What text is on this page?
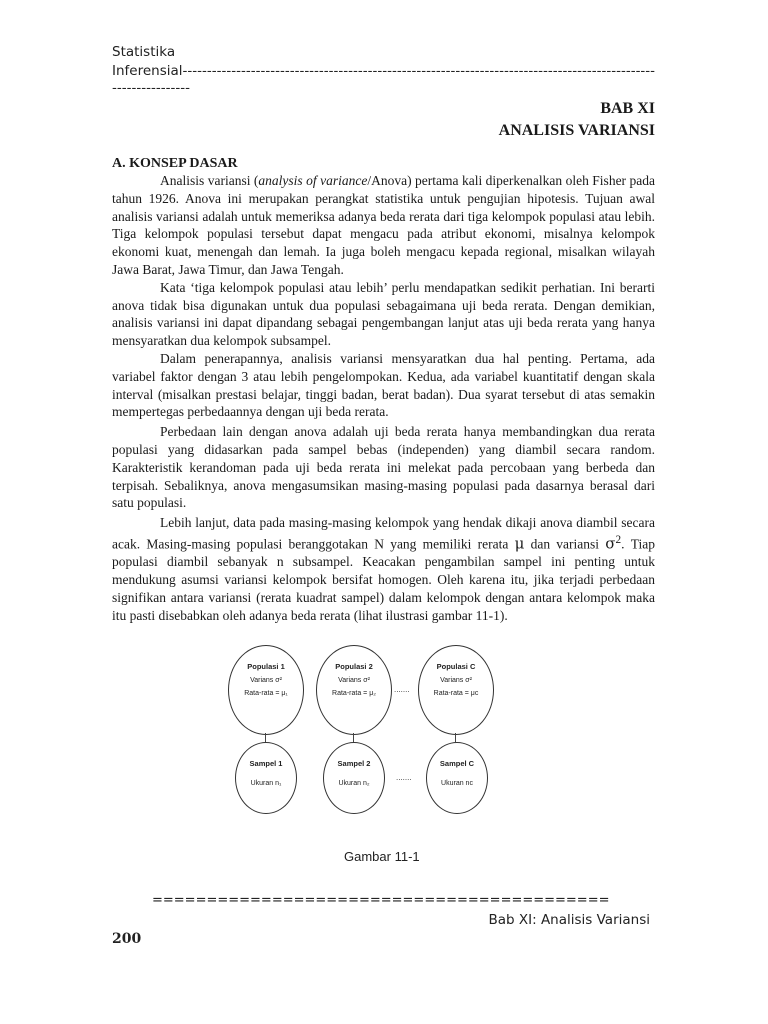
Statistika
Inferensial-------------------------------------------------------------------------------------------------
----------------
BAB XI
ANALISIS VARIANSI
A. KONSEP DASAR

Analisis variansi (analysis of variance/Anova) pertama kali diperkenalkan oleh Fisher pada tahun 1926. Anova ini merupakan perangkat statistika untuk pengujian hipotesis. Tujuan awal analisis variansi adalah untuk memeriksa adanya beda rerata dari tiga kelompok populasi atau lebih. Tiga kelompok populasi tersebut dapat mengacu pada atribut ekonomi, misalnya kelompok ekonomi kuat, menengah dan lemah. Ia juga boleh mengacu kepada regional, misalkan wilayah Jawa Barat, Jawa Timur, dan Jawa Tengah.

Kata ‘tiga kelompok populasi atau lebih’ perlu mendapatkan sedikit perhatian. Ini berarti anova tidak bisa digunakan untuk dua populasi sebagaimana uji beda rerata. Dengan demikian, analisis variansi ini dapat dipandang sebagai pengembangan lanjut atas uji beda rerata yang hanya mensyaratkan dua kelompok subsampel.

Dalam penerapannya, analisis variansi mensyaratkan dua hal penting. Pertama, ada variabel faktor dengan 3 atau lebih pengelompokan. Kedua, ada variabel kuantitatif dengan skala interval (misalkan prestasi belajar, tinggi badan, berat badan). Dua syarat tersebut di atas semakin mempertegas perbedaannya dengan uji beda rerata.

Perbedaan lain dengan anova adalah uji beda rerata hanya membandingkan dua rerata populasi yang didasarkan pada sampel bebas (independen) yang diambil secara random. Karakteristik kerandoman pada uji beda rerata ini melekat pada percobaan yang berbeda dan terpisah. Sebaliknya, anova mengasumsikan masing-masing populasi pada dasarnya berasal dari satu populasi.

Lebih lanjut, data pada masing-masing kelompok yang hendak dikaji anova diambil secara acak. Masing-masing populasi beranggotakan N yang memiliki rerata μ dan variansi $\sigma^2$. Tiap populasi diambil sebanyak n subsampel. Keacakan pengambilan sampel ini penting untuk mendukung asumsi variansi kelompok bersifat homogen. Oleh karena itu, jika terjadi perbedaan signifikan antara variansi (rerata kuadrat sampel) dalam kelompok dengan antara kelompok maka itu pasti disebabkan oleh adanya beda rerata (lihat ilustrasi gambar 11-1).

Populasi 1
Varians σ²
Rata-rata = μ₁
Populasi 2
Varians σ²
Rata-rata = μ₂	.......
Populasi C
Varians σ²
Rata-rata = μc
Sampel 1
Ukuran n₁
Sampel 2
Ukuran n₂
.......
Sampel C
Ukuran nc
Gambar 11-1
==========================================
Bab XI: Analisis Variansi
200
